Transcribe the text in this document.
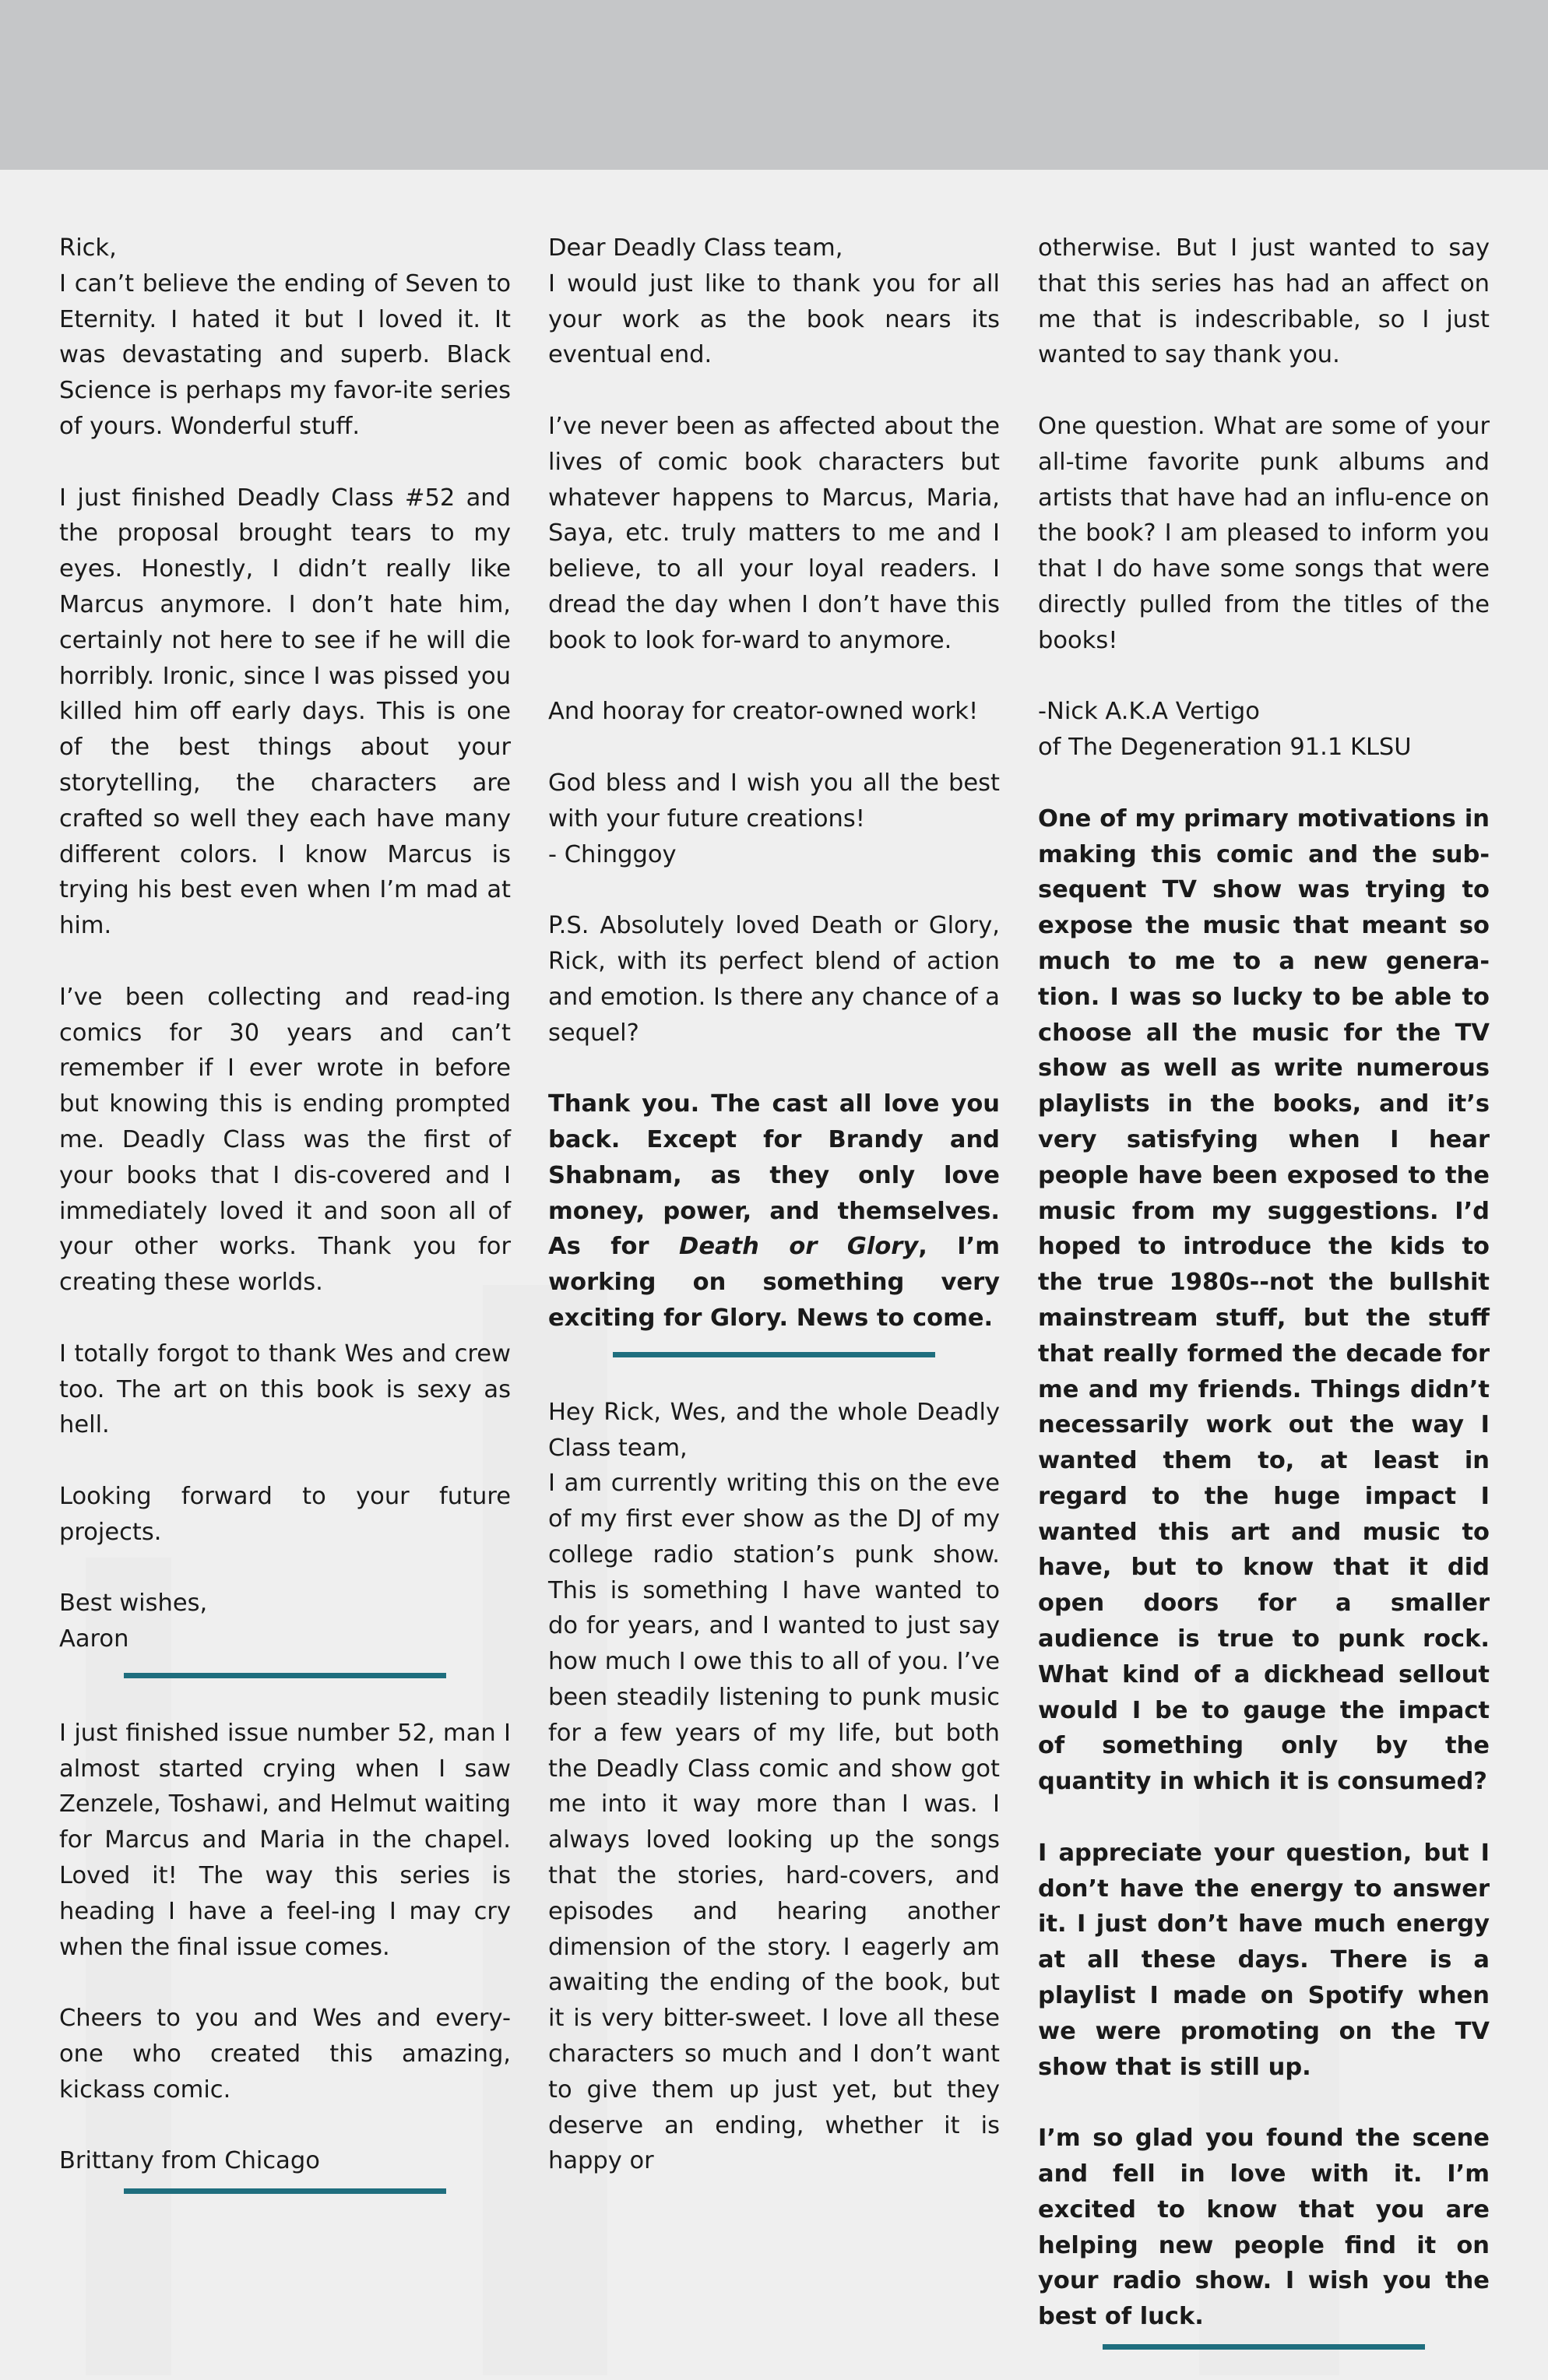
Rick,
I can’t believe the ending of Seven to Eternity. I hated it but I loved it. It was devastating and superb. Black Science is perhaps my favor-ite series of yours. Wonderful stuff.
I just finished Deadly Class #52 and the proposal brought tears to my eyes. Honestly, I didn’t really like Marcus anymore. I don’t hate him, certainly not here to see if he will die horribly. Ironic, since I was pissed you killed him off early days. This is one of the best things about your storytelling, the characters are crafted so well they each have many different colors. I know Marcus is trying his best even when I’m mad at him.
I’ve been collecting and read-ing comics for 30 years and can’t remember if I ever wrote in before but knowing this is ending prompted me. Deadly Class was the first of your books that I dis-covered and I immediately loved it and soon all of your other works. Thank you for creating these worlds.
I totally forgot to thank Wes and crew too. The art on this book is sexy as hell.
Looking forward to your future projects.
Best wishes,
Aaron
I just finished issue number 52, man I almost started crying when I saw Zenzele, Toshawi, and Helmut waiting for Marcus and Maria in the chapel. Loved it! The way this series is heading I have a feel-ing I may cry when the final issue comes.
Cheers to you and Wes and every-one who created this amazing, kickass comic.
Brittany from Chicago
Dear Deadly Class team,
I would just like to thank you for all your work as the book nears its eventual end.
I’ve never been as affected about the lives of comic book characters but whatever happens to Marcus, Maria, Saya, etc. truly matters to me and I believe, to all your loyal readers. I dread the day when I don’t have this book to look for-ward to anymore.
And hooray for creator-owned work!
God bless and I wish you all the best with your future creations!
- Chinggoy
P.S. Absolutely loved Death or Glory, Rick, with its perfect blend of action and emotion. Is there any chance of a sequel?
Thank you. The cast all love you back. Except for Brandy and Shabnam, as they only love money, power, and themselves. As for Death or Glory, I’m working on something very exciting for Glory. News to come.
Hey Rick, Wes, and the whole Deadly Class team,
I am currently writing this on the eve of my first ever show as the DJ of my college radio station’s punk show. This is something I have wanted to do for years, and I wanted to just say how much I owe this to all of you. I’ve been steadily listening to punk music for a few years of my life, but both the Deadly Class comic and show got me into it way more than I was. I always loved looking up the songs that the stories, hard-covers, and episodes and hearing another dimension of the story. I eagerly am awaiting the ending of the book, but it is very bitter-sweet. I love all these characters so much and I don’t want to give them up just yet, but they deserve an ending, whether it is happy or
otherwise. But I just wanted to say that this series has had an affect on me that is indescribable, so I just wanted to say thank you.
One question. What are some of your all-time favorite punk albums and artists that have had an influ-ence on the book? I am pleased to inform you that I do have some songs that were directly pulled from the titles of the books!
-Nick A.K.A Vertigo
of The Degeneration 91.1 KLSU
One of my primary motivations in making this comic and the sub-sequent TV show was trying to expose the music that meant so much to me to a new genera-tion. I was so lucky to be able to choose all the music for the TV show as well as write numerous playlists in the books, and it’s very satisfying when I hear people have been exposed to the music from my suggestions. I’d hoped to introduce the kids to the true 1980s--not the bullshit mainstream stuff, but the stuff that really formed the decade for me and my friends. Things didn’t necessarily work out the way I wanted them to, at least in regard to the huge impact I wanted this art and music to have, but to know that it did open doors for a smaller audience is true to punk rock. What kind of a dickhead sellout would I be to gauge the impact of something only by the quantity in which it is consumed?
I appreciate your question, but I don’t have the energy to answer it. I just don’t have much energy at all these days. There is a playlist I made on Spotify when we were promoting on the TV show that is still up.
I’m so glad you found the scene and fell in love with it. I’m excited to know that you are helping new people find it on your radio show. I wish you the best of luck.
